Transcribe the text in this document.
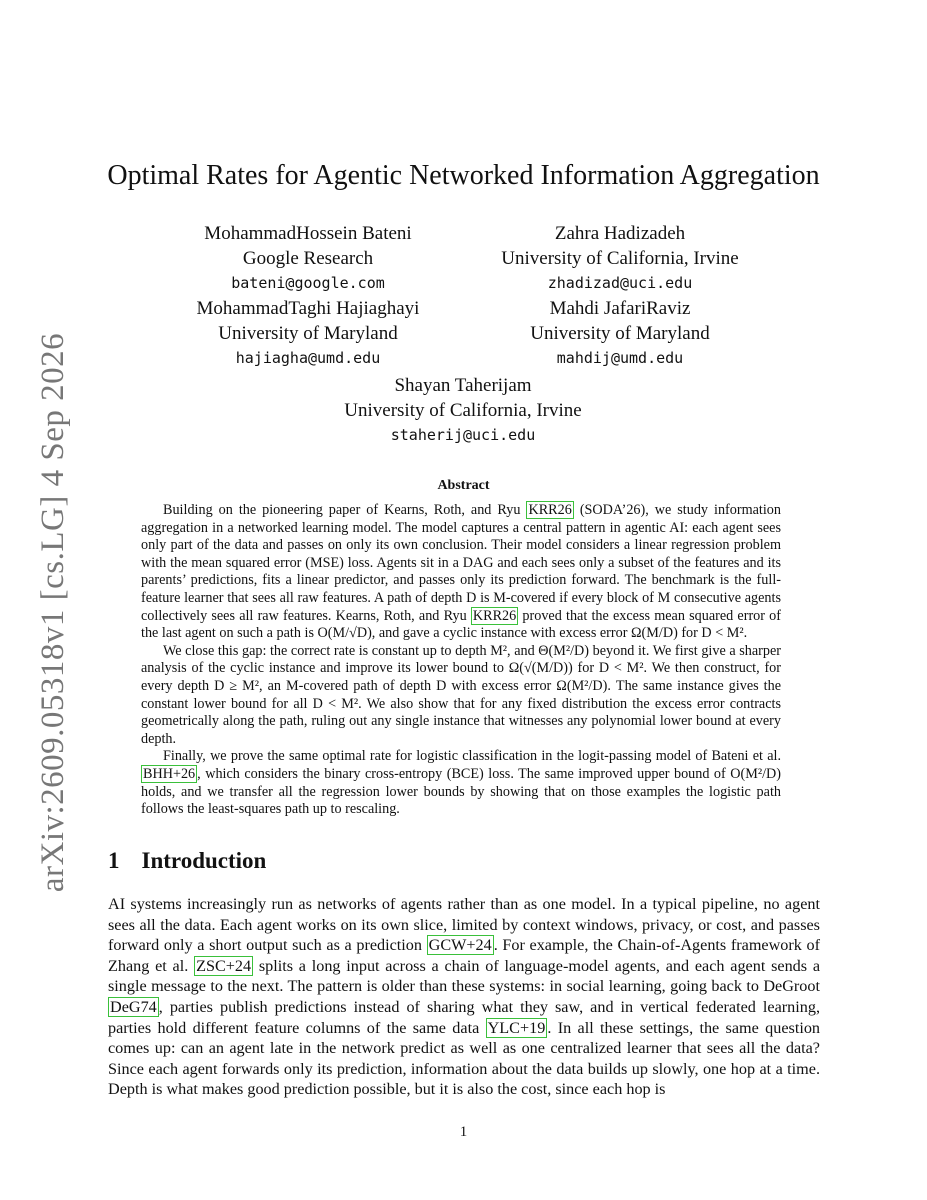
arXiv:2609.05318v1 [cs.LG] 4 Sep 2026
Optimal Rates for Agentic Networked Information Aggregation
MohammadHossein Bateni
Google Research
bateni@google.com
Zahra Hadizadeh
University of California, Irvine
zhadizad@uci.edu
MohammadTaghi Hajiaghayi
University of Maryland
hajiagha@umd.edu
Mahdi JafariRaviz
University of Maryland
mahdij@umd.edu
Shayan Taherijam
University of California, Irvine
staherij@uci.edu
Abstract

Building on the pioneering paper of Kearns, Roth, and Ryu KRR26 (SODA’26), we study information aggregation in a networked learning model. The model captures a central pattern in agentic AI: each agent sees only part of the data and passes on only its own conclusion. Their model considers a linear regression problem with the mean squared error (MSE) loss. Agents sit in a DAG and each sees only a subset of the features and its parents’ predictions, fits a linear predictor, and passes only its prediction forward. The benchmark is the full-feature learner that sees all raw features. A path of depth D is M-covered if every block of M consecutive agents collectively sees all raw features. Kearns, Roth, and Ryu KRR26 proved that the excess mean squared error of the last agent on such a path is O(M/√D), and gave a cyclic instance with excess error Ω(M/D) for D < M².

We close this gap: the correct rate is constant up to depth M², and Θ(M²/D) beyond it. We first give a sharper analysis of the cyclic instance and improve its lower bound to Ω(√(M/D)) for D < M². We then construct, for every depth D ≥ M², an M-covered path of depth D with excess error Ω(M²/D). The same instance gives the constant lower bound for all D < M². We also show that for any fixed distribution the excess error contracts geometrically along the path, ruling out any single instance that witnesses any polynomial lower bound at every depth.

Finally, we prove the same optimal rate for logistic classification in the logit-passing model of Bateni et al. BHH+26 , which considers the binary cross-entropy (BCE) loss. The same improved upper bound of O(M²/D) holds, and we transfer all the regression lower bounds by showing that on those examples the logistic path follows the least-squares path up to rescaling.

1 Introduction

AI systems increasingly run as networks of agents rather than as one model. In a typical pipeline, no agent sees all the data. Each agent works on its own slice, limited by context windows, privacy, or cost, and passes forward only a short output such as a prediction GCW+24 . For example, the Chain-of-Agents framework of Zhang et al. ZSC+24 splits a long input across a chain of language-model agents, and each agent sends a single message to the next. The pattern is older than these systems: in social learning, going back to DeGroot DeG74 , parties publish predictions instead of sharing what they saw, and in vertical federated learning, parties hold different feature columns of the same data YLC+19 . In all these settings, the same question comes up: can an agent late in the network predict as well as one centralized learner that sees all the data? Since each agent forwards only its prediction, information about the data builds up slowly, one hop at a time. Depth is what makes good prediction possible, but it is also the cost, since each hop is

1
